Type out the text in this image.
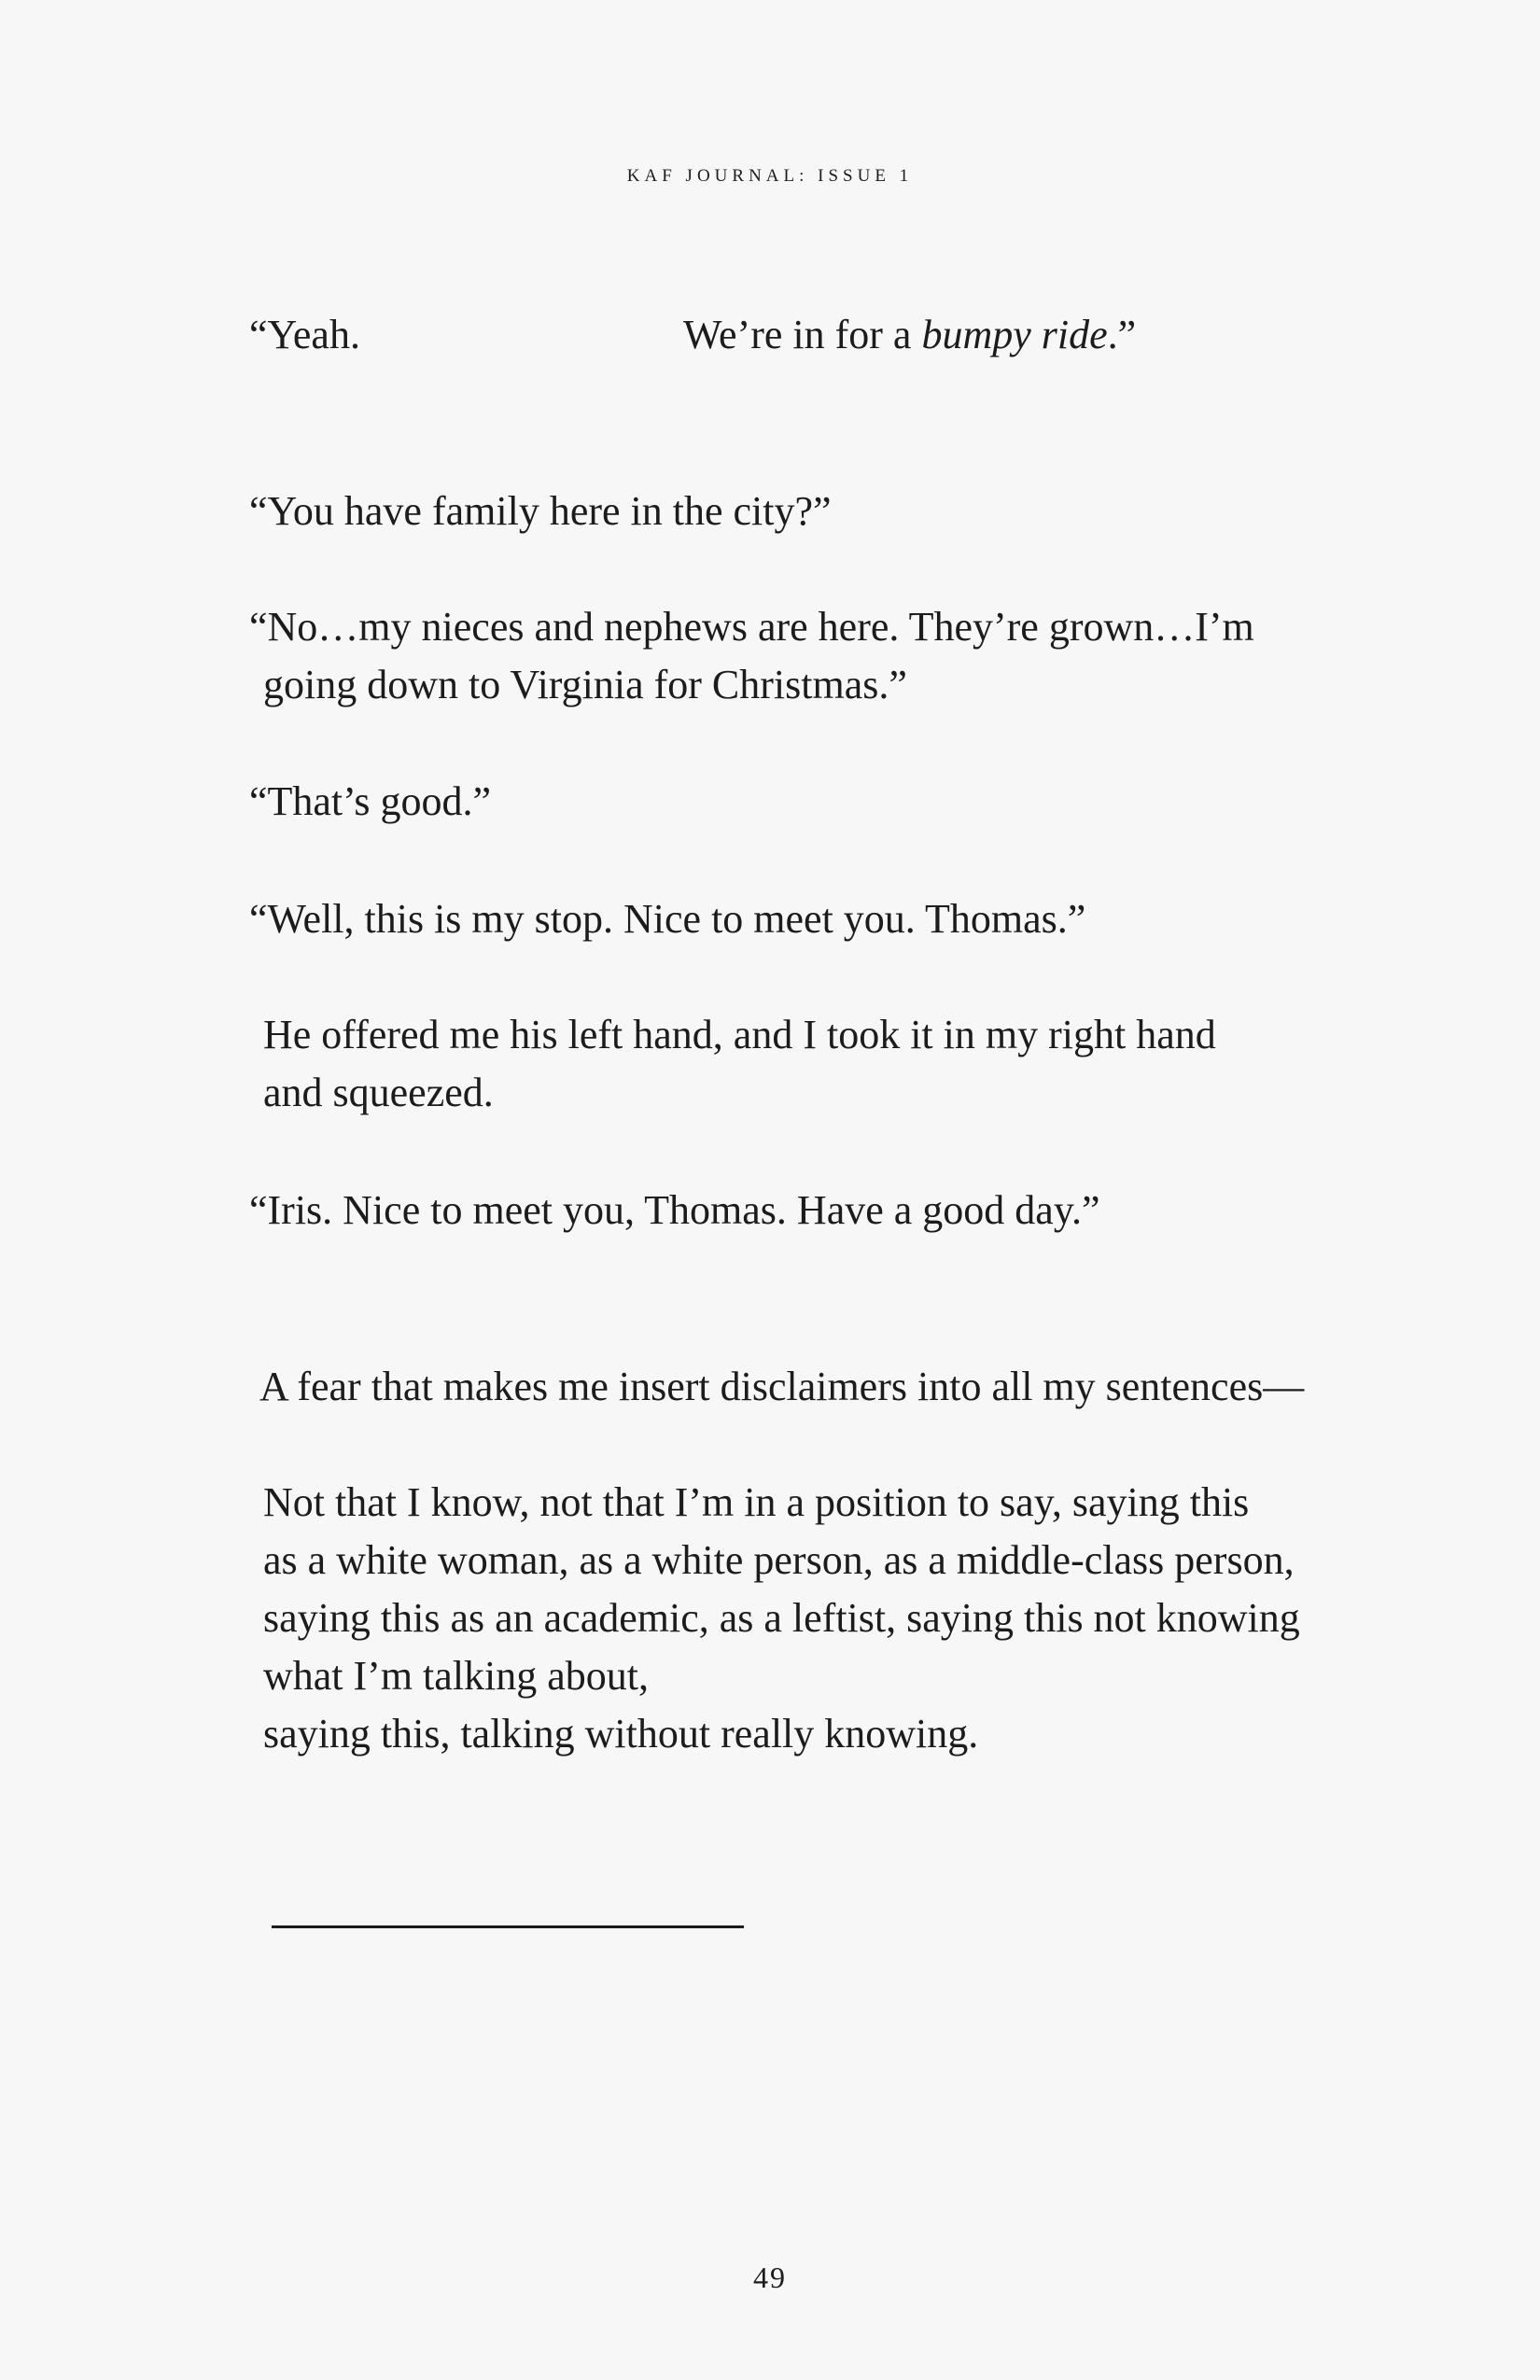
kaf journal: issue 1
“Yeah.	We’re in for a bumpy ride.”
“You have family here in the city?”
“No…my nieces and nephews are here. They’re grown…I’m
going down to Virginia for Christmas.”
“That’s good.”
“Well, this is my stop. Nice to meet you. Thomas.”
He offered me his left hand, and I took it in my right hand
and squeezed.
“Iris. Nice to meet you, Thomas. Have a good day.”
A fear that makes me insert disclaimers into all my sentences—
Not that I know, not that I’m in a position to say, saying this
as a white woman, as a white person, as a middle-class person,
saying this as an academic, as a leftist, saying this not knowing
what I’m talking about,
saying this, talking without really knowing.
49
